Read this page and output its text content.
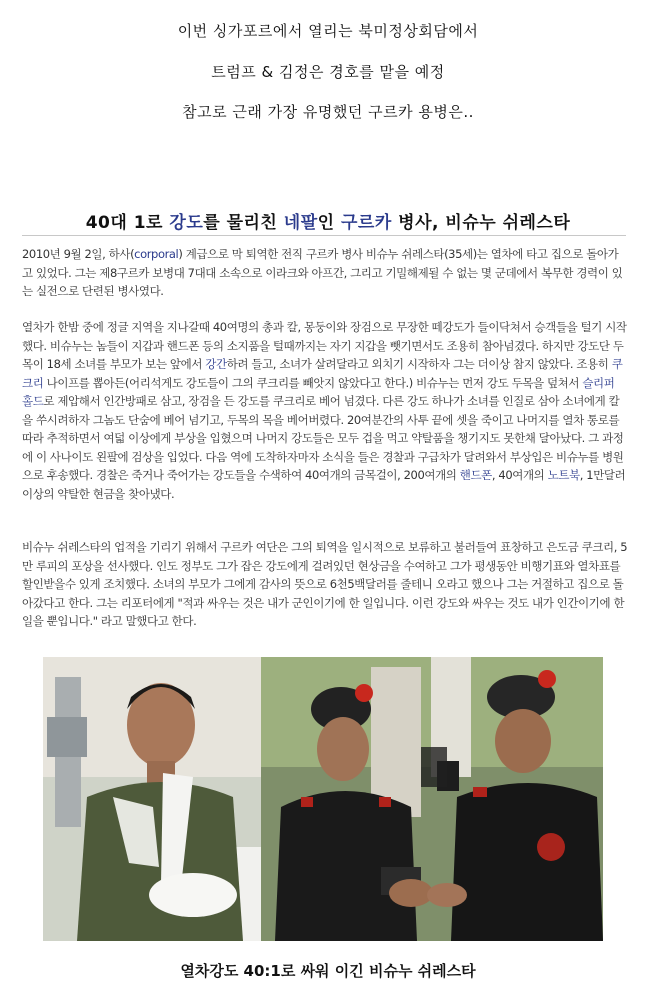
이번 싱가포르에서 열리는 북미정상회담에서
트럼프 & 김정은 경호를 맡을 예정
참고로 근래 가장 유명했던 구르카 용병은..
40대 1로 강도를 물리친 네팔인 구르카 병사, 비슈누 쉬레스타
2010년 9월 2일, 하사(corporal) 계급으로 막 퇴역한 전직 구르카 병사 비슈누 쉬레스타(35세)는 열차에 타고 집으로 돌아가고 있었다. 그는 제8구르카 보병대 7대대 소속으로 이라크와 아프간, 그리고 기밀해제될 수 없는 몇 군데에서 복무한 경력이 있는 실전으로 단련된 병사였다.
열차가 한밤 중에 정글 지역을 지나갈때 40여명의 총과 칼, 몽둥이와 장검으로 무장한 떼강도가 들이닥쳐서 승객들을 털기 시작했다. 비슈누는 놈들이 지갑과 핸드폰 등의 소지품을 털때까지는 자기 지갑을 뺏기면서도 조용히 참아넘겼다. 하지만 강도단 두목이 18세 소녀를 부모가 보는 앞에서 강간하려 들고, 소녀가 살려달라고 외치기 시작하자 그는 더이상 참지 않았다. 조용히 쿠크리 나이프를 뽑아든(어리석게도 강도들이 그의 쿠크리를 빼앗지 않았다고 한다.) 비슈누는 먼저 강도 두목을 덮쳐서 슬리퍼 홀드로 제압해서 인간방패로 삼고, 장검을 든 강도를 쿠크리로 베어 넘겼다. 다른 강도 하나가 소녀를 인질로 삼아 소녀에게 칼을 쑤시려하자 그놈도 단숨에 베어 넘기고, 두목의 목을 베어버렸다. 20여분간의 사투 끝에 셋을 죽이고 나머지를 열차 통로를 따라 추적하면서 여덟 이상에게 부상을 입혔으며 나머지 강도들은 모두 겁을 먹고 약탈품을 챙기지도 못한채 달아났다. 그 과정에 이 사나이도 왼팔에 검상을 입었다. 다음 역에 도착하자마자 소식을 들은 경찰과 구급차가 달려와서 부상입은 비슈누를 병원으로 후송했다. 경찰은 죽거나 죽어가는 강도들을 수색하여 40여개의 금목걸이, 200여개의 핸드폰, 40여개의 노트북, 1만달러 이상의 약탈한 현금을 찾아냈다.
비슈누 쉬레스타의 업적을 기리기 위해서 구르카 여단은 그의 퇴역을 일시적으로 보류하고 불러들여 표창하고 은도금 쿠크리, 5만 루피의 포상을 선사했다. 인도 정부도 그가 잡은 강도에게 걸려있던 현상금을 수여하고 그가 평생동안 비행기표와 열차표를 할인받을수 있게 조치했다. 소녀의 부모가 그에게 감사의 뜻으로 6천5백달러를 줄테니 오라고 했으나 그는 거절하고 집으로 돌아갔다고 한다. 그는 리포터에게 "적과 싸우는 것은 내가 군인이기에 한 일입니다. 이런 강도와 싸우는 것도 내가 인간이기에 한 일을 뿐입니다." 라고 말했다고 한다.
열차강도 40:1로 싸워 이긴 비슈누 쉬레스타
